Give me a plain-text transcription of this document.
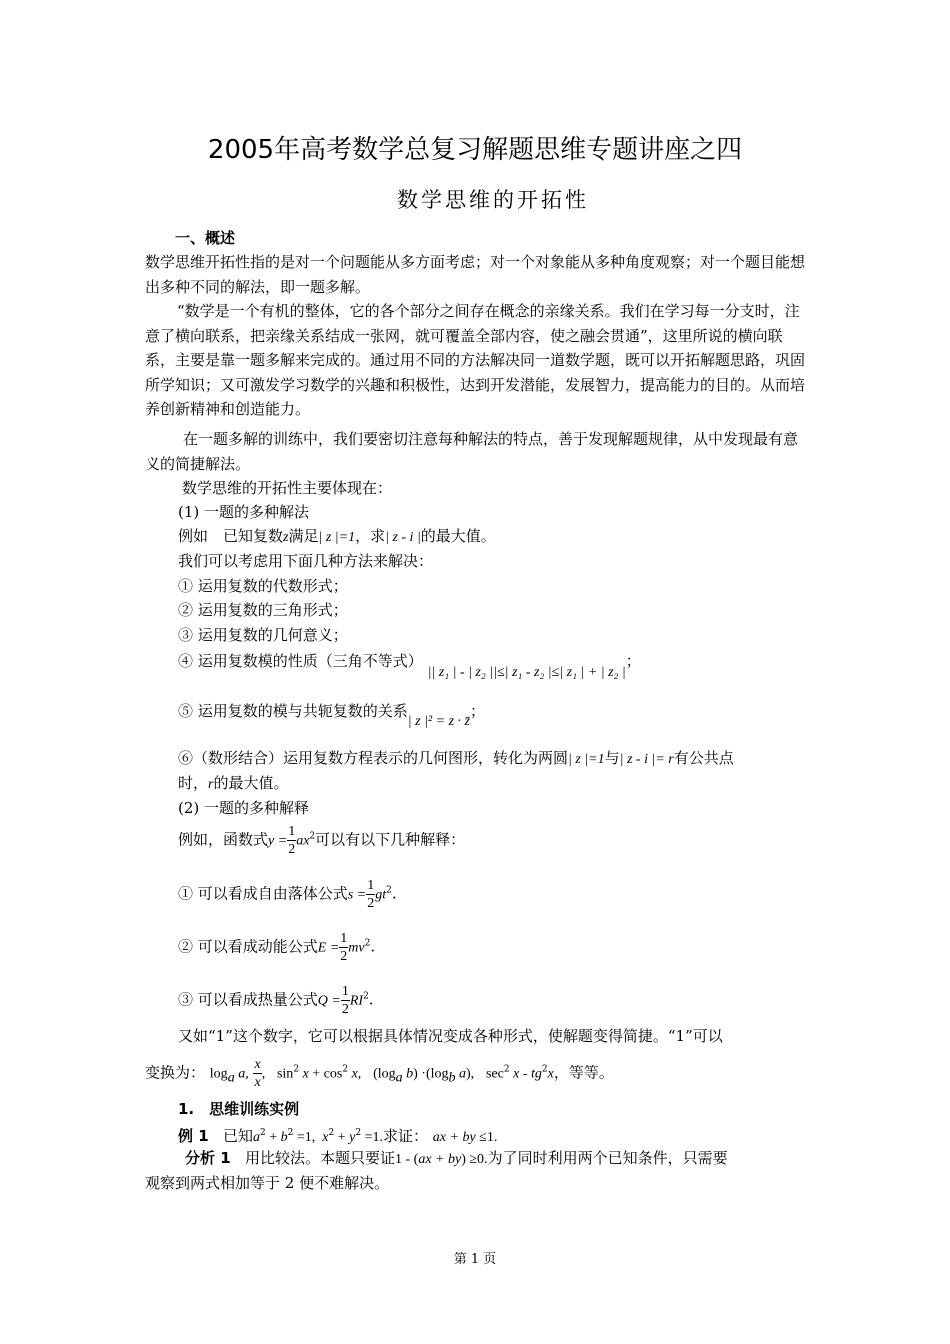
2005年高考数学总复习解题思维专题讲座之四
数学思维的开拓性
一、概述
数学思维开拓性指的是对一个问题能从多方面考虑；对一个对象能从多种角度观察；对一个题目能想出多种不同的解法，即一题多解。
“数学是一个有机的整体，它的各个部分之间存在概念的亲缘关系。我们在学习每一分支时，注意了横向联系，把亲缘关系结成一张网，就可覆盖全部内容，使之融会贯通”，这里所说的横向联系，主要是靠一题多解来完成的。通过用不同的方法解决同一道数学题，既可以开拓解题思路，巩固所学知识；又可激发学习数学的兴趣和积极性，达到开发潜能，发展智力，提高能力的目的。从而培养创新精神和创造能力。
在一题多解的训练中，我们要密切注意每种解法的特点，善于发现解题规律，从中发现最有意义的简捷解法。
数学思维的开拓性主要体现在：
(1) 一题的多种解法
例如　已知复数z满足| z |=1，求| z - i |的最大值。
我们可以考虑用下面几种方法来解决：
① 运用复数的代数形式；
② 运用复数的三角形式；
③ 运用复数的几何意义；
④ 运用复数模的性质（三角不等式） || z₁ | - | z₂ ||≤| z₁ - z₂ |≤| z₁ | + | z₂ |；
⑤ 运用复数的模与共轭复数的关系| z |² = z · z̄；
⑥（数形结合）运用复数方程表示的几何图形，转化为两圆| z |=1与| z - i |= r有公共点
时，r的最大值。
(2) 一题的多种解释
例如，函数式$y = \frac{1}{2} ax^2$可以有以下几种解释：
① 可以看成自由落体公式$s = \frac{1}{2} gt^2$.
② 可以看成动能公式$E = \frac{1}{2} mv^2$.
③ 可以看成热量公式$Q = \frac{1}{2} RI^2$.
又如“1”这个数字，它可以根据具体情况变成各种形式，使解题变得简捷。“1”可以
变换为： $\log_a a$, $\frac{x}{x}$ ,   $\sin^2 x + \cos^2 x$,   ($\log_a$ $b) \cdot(\log_b$ a),   $\sec^2 x - tg^2x$，等等。
1.　思维训练实例
例 1 已知$a^2 + b^2 =1$,  $x^2 + y^2 =1$.求证： ax + by ≤1.
分析 1 用比较法。本题只要证1 - (ax + by) ≥0.为了同时利用两个已知条件，只需要
观察到两式相加等于 2 便不难解决。
第 1 页
